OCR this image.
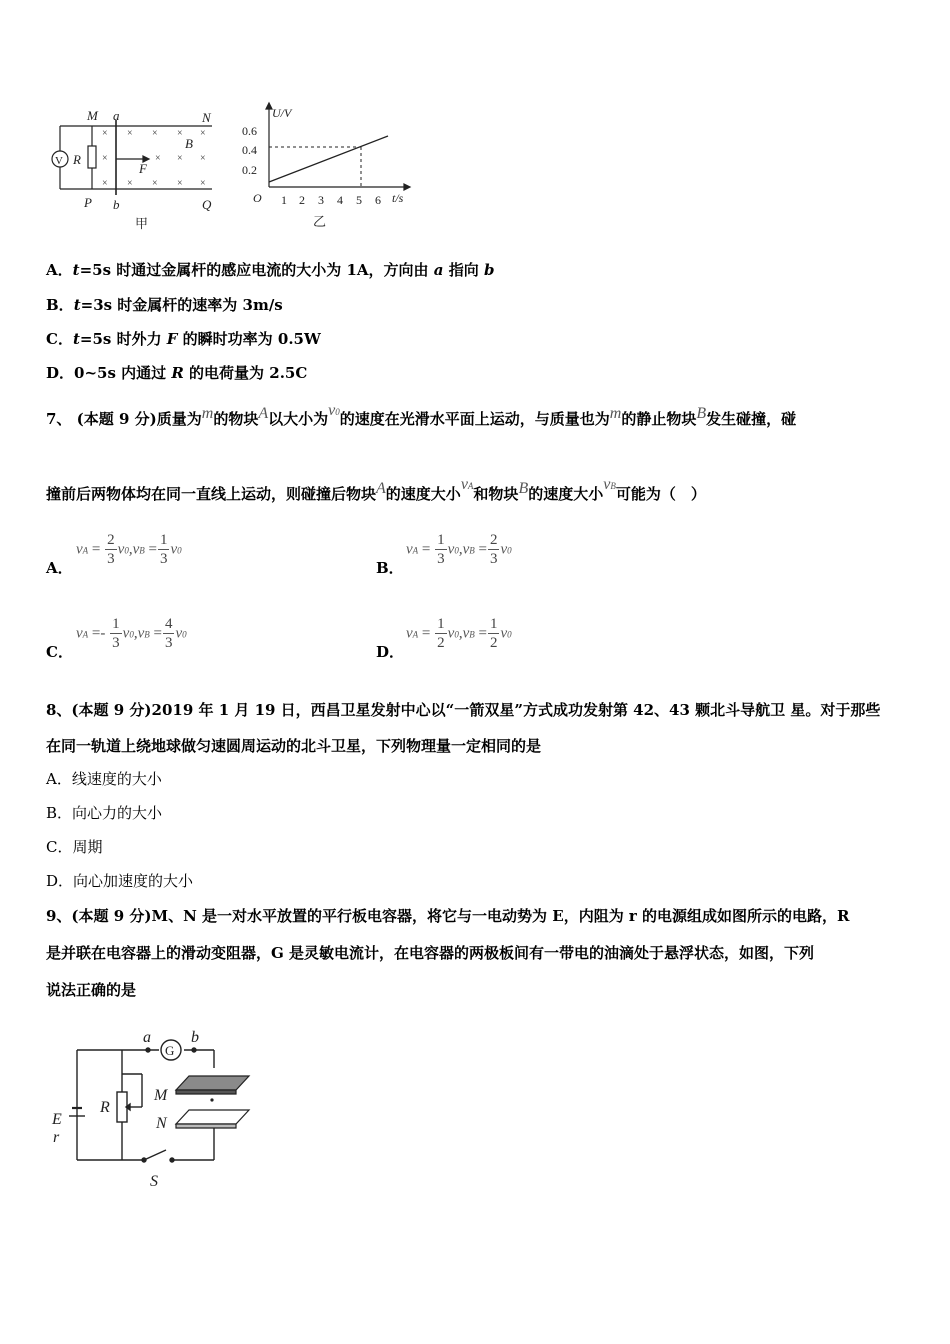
×
×
×
× × × ×
× × × ×
× × ×
M a	N
V R
B
F
P b	Q
甲
U/V
0.6
0.4
0.2
O 1 2 3 4 5 6 t/s
乙
A．t=5s 时通过金属杆的感应电流的大小为 1A，方向由 a 指向 b
B．t=3s 时金属杆的速率为 3m/s
C．t=5s 时外力 F 的瞬时功率为 0.5W
D．0~5s 内通过 R 的电荷量为 2.5C
7、 (本题 9 分)质量为m的物块A以大小为v0的速度在光滑水平面上运动，与质量也为m的静止物块B发生碰撞，碰
撞前后两物体均在同一直线上运动，则碰撞后物块A的速度大小vA和物块B的速度大小vB可能为（　）
A．
vA = $\frac{2}{3} v0,vB = \frac{1}{3} v0$
B．
vA = $\frac{1}{3} v0,vB = \frac{2}{3} v0$
C．
vA =- $\frac{1}{3} v0,vB = \frac{4}{3} v0$
D．
vA = $\frac{1}{2} v0,vB = \frac{1}{2} v0$
8、(本题 9 分)2019 年 1 月 19 日，西昌卫星发射中心以“一箭双星”方式成功发射第 42、43 颗北斗导航卫 星。对于那些
在同一轨道上绕地球做匀速圆周运动的北斗卫星，下列物理量一定相同的是
A．线速度的大小
B．向心力的大小
C．周期
D．向心加速度的大小
9、(本题 9 分)M、N 是一对水平放置的平行板电容器，将它与一电动势为 E，内阻为 r 的电源组成如图所示的电路，R
是并联在电容器上的滑动变阻器，G 是灵敏电流计，在电容器的两极板间有一带电的油滴处于悬浮状态，如图，下列
说法正确的是
a
G
b
M
R
N
E
r
S
